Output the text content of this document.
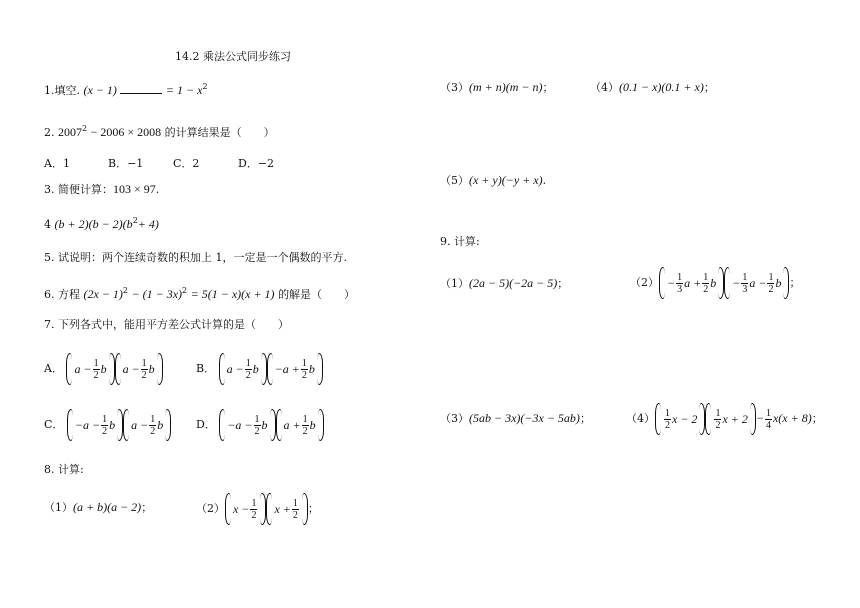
14.2 乘法公式同步练习
1.填空. (x − 1)	= $1 - x^2$
2. $2007^2 - 2006 \times 2008$ 的计算结果是（　　）
A．1	B．−1	C．2	D．−2
3. 简便计算：103 × 97.
4 $(b + 2)(b - 2)(b^2+ 4)$
5. 试说明：两个连续奇数的积加上 1，一定是一个偶数的平方.
6. 方程 $(2x - 1)^2 - (1 - 3x)^2 = 5(1 - x)(x + 1)$ 的解是（　　）
7. 下列各式中，能用平方差公式计算的是（　　）
A． $a - \frac{1}{2}$ b $a - \frac{1}{2}$ b	B． $a - \frac{1}{2}$ $b -a + \frac{1}{2}$ b
C． $-a - \frac{1}{2}$ b $a - \frac{1}{2}$ b	D． $-a - \frac{1}{2}$ b $a + \frac{1}{2}$ b
8. 计算:
（1）(a + b)(a − 2)；	（2） $x - \frac{1}{2}$ $x + \frac{1}{2}$ ；
（3）(m + n)(m − n)；	（4）(0.1 − x)(0.1 + x)；
（5）(x + y)(−y + x).
9. 计算:
（1）(2a − 5)(−2a − 5)；	$(2) - \frac{1}{3}$ $a + \frac{1}{2}$ $b - \frac{1}{3}$ $a - \frac{1}{2}$ b ；
（3）(5ab − 3x)(−3x − 5ab)；	$(4) \frac{1}{2}$ $x - 2 \frac{1}{2}$ $x + 2 - \frac{1}{4} x(x + 8)$；
